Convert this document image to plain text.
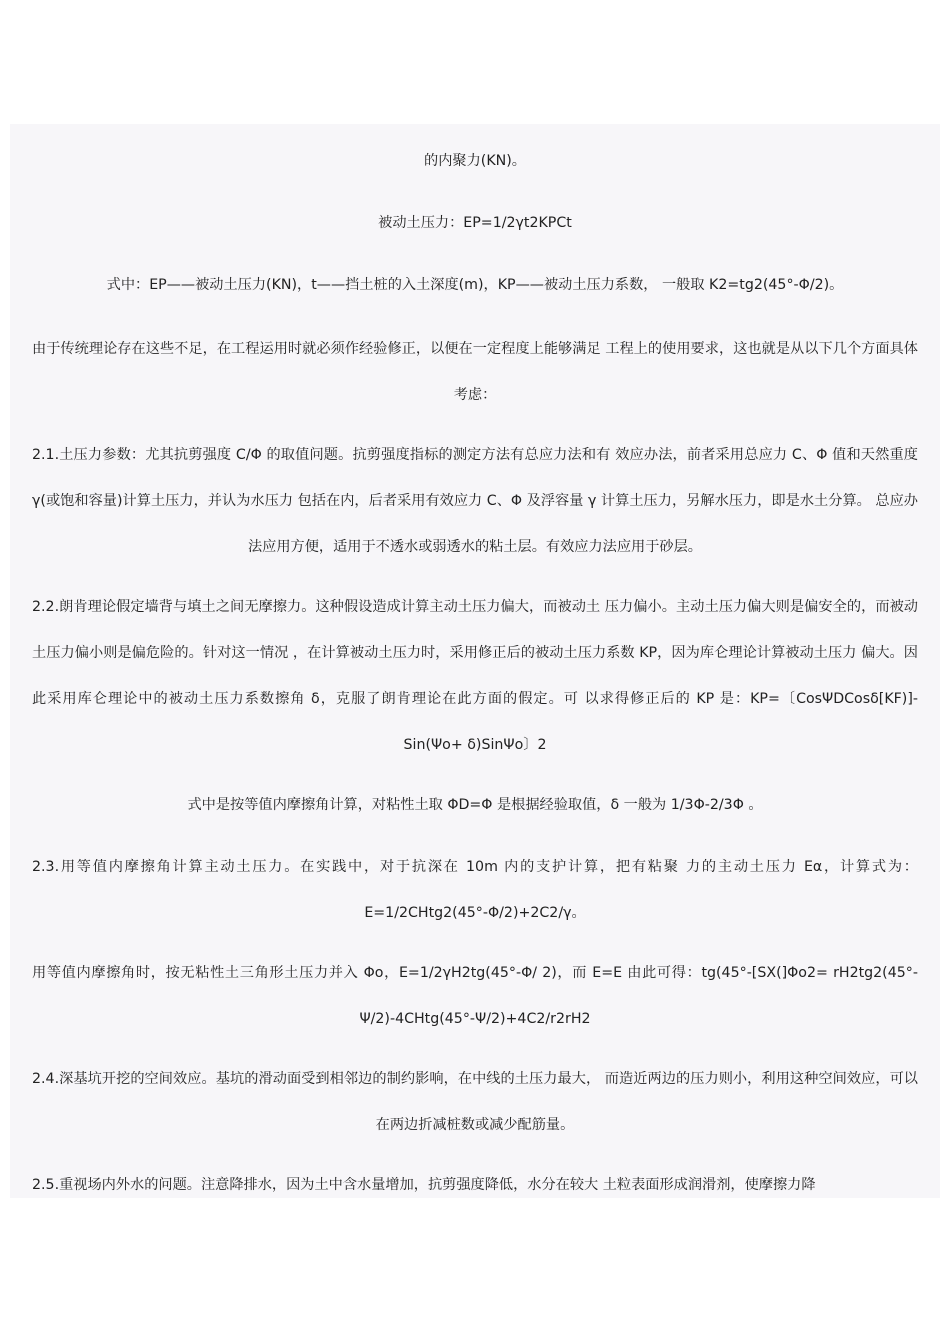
的内聚力(KN)。

被动土压力：EP=1/2γt2KPCt

式中：EP——被动土压力(KN)，t——挡土桩的入土深度(m)，KP——被动土压力系数， 一般取 K2=tg2(45°-Φ/2)。

由于传统理论存在这些不足，在工程运用时就必须作经验修正，以便在一定程度上能够满足 工程上的使用要求，这也就是从以下几个方面具体考虑：

2.1.土压力参数：尤其抗剪强度 C/Φ 的取值问题。抗剪强度指标的测定方法有总应力法和有 效应办法，前者采用总应力 C、Φ 值和天然重度 γ(或饱和容量)计算土压力，并认为水压力 包括在内，后者采用有效应力 C、Φ 及浮容量 γ 计算土压力，另解水压力，即是水土分算。 总应办法应用方便，适用于不透水或弱透水的粘土层。有效应力法应用于砂层。

2.2.朗肯理论假定墙背与填土之间无摩擦力。这种假设造成计算主动土压力偏大，而被动土 压力偏小。主动土压力偏大则是偏安全的，而被动土压力偏小则是偏危险的。针对这一情况 ，在计算被动土压力时，采用修正后的被动土压力系数 KP，因为库仑理论计算被动土压力 偏大。因此采用库仑理论中的被动土压力系数擦角 δ，克服了朗肯理论在此方面的假定。可 以求得修正后的 KP 是：KP=〔CosΨDCosδ[KF)]-Sin(Ψo+ δ)SinΨo〕2

式中是按等值内摩擦角计算，对粘性土取 ΦD=Φ 是根据经验取值，δ 一般为 1/3Φ-2/3Φ 。

2.3.用等值内摩擦角计算主动土压力。在实践中，对于抗深在 10m 内的支护计算，把有粘聚 力的主动土压力 Eα，计算式为：E=1/2CHtg2(45°-Φ/2)+2C2/γ。

用等值内摩擦角时，按无粘性土三角形土压力并入 Φo，E=1/2γH2tg(45°-Φ/ 2)，而 E=E 由此可得：tg(45°-[SX(]Φo2= rH2tg2(45°-Ψ/2)-4CHtg(45°-Ψ/2)+4C2/r2rH2

2.4.深基坑开挖的空间效应。基坑的滑动面受到相邻边的制约影响，在中线的土压力最大， 而造近两边的压力则小，利用这种空间效应，可以在两边折减桩数或减少配筋量。

2.5.重视场内外水的问题。注意降排水，因为土中含水量增加，抗剪强度降低，水分在较大 土粒表面形成润滑剂，使摩擦力降
